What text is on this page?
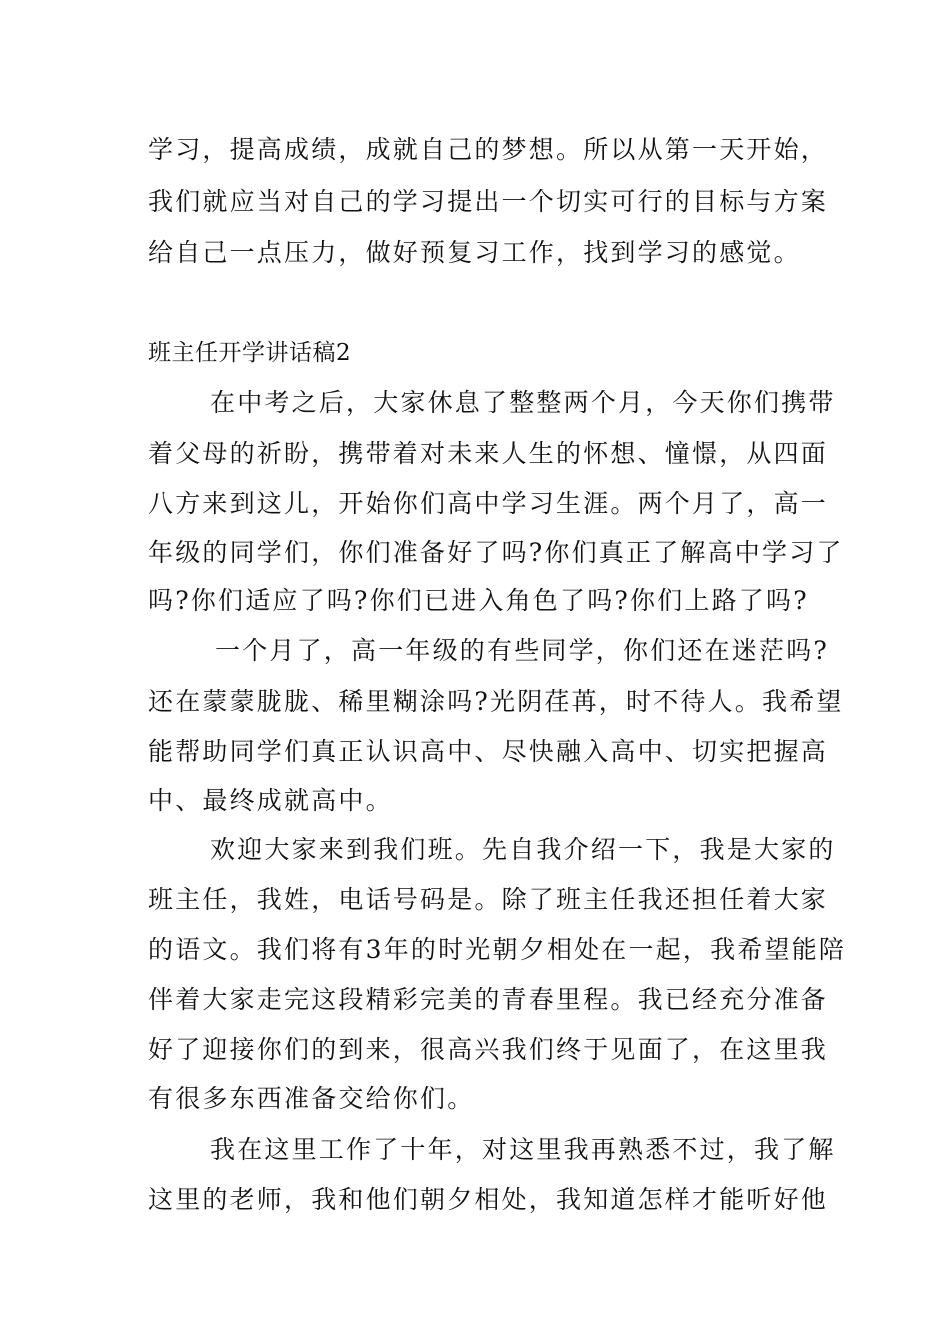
学习，提高成绩，成就自己的梦想。所以从第一天开始，
我们就应当对自己的学习提出一个切实可行的目标与方案
给自己一点压力，做好预复习工作，找到学习的感觉。
班主任开学讲话稿2
在中考之后，大家休息了整整两个月，今天你们携带
着父母的祈盼，携带着对未来人生的怀想、憧憬，从四面
八方来到这儿，开始你们高中学习生涯。两个月了，高一
年级的同学们，你们准备好了吗?你们真正了解高中学习了
吗?你们适应了吗?你们已进入角色了吗?你们上路了吗?
一个月了，高一年级的有些同学，你们还在迷茫吗?
还在蒙蒙胧胧、稀里糊涂吗?光阴荏苒，时不待人。我希望
能帮助同学们真正认识高中、尽快融入高中、切实把握高
中、最终成就高中。
欢迎大家来到我们班。先自我介绍一下，我是大家的
班主任，我姓，电话号码是。除了班主任我还担任着大家
的语文。我们将有3年的时光朝夕相处在一起，我希望能陪
伴着大家走完这段精彩完美的青春里程。我已经充分准备
好了迎接你们的到来，很高兴我们终于见面了，在这里我
有很多东西准备交给你们。
我在这里工作了十年，对这里我再熟悉不过，我了解
这里的老师，我和他们朝夕相处，我知道怎样才能听好他
